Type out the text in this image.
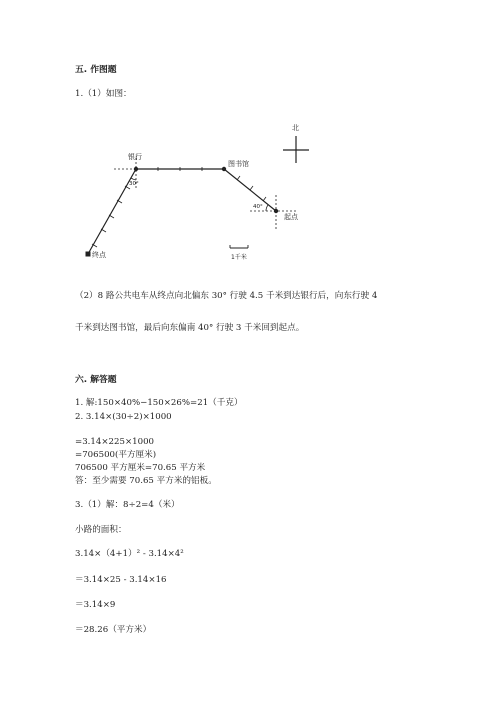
五. 作图题
1.（1）如图：
北
银行
图书馆
起点
终点
30°
40°
1千米
（2）8 路公共电车从终点向北偏东 30° 行驶 4.5 千米到达银行后，向东行驶 4
千米到达图书馆，最后向东偏南 40° 行驶 3 千米回到起点。
六. 解答题
1. 解:150×40%−150×26%=21（千克）
2. 3.14×(30÷2)×1000
=3.14×225×1000
=706500(平方厘米)
706500 平方厘米=70.65 平方米
答：至少需要 70.65 平方米的铝板。
3.（1）解：8÷2=4（米）
小路的面积：
3.14×（4+1）² - 3.14×4²
＝3.14×25 - 3.14×16
＝3.14×9
＝28.26（平方米）
